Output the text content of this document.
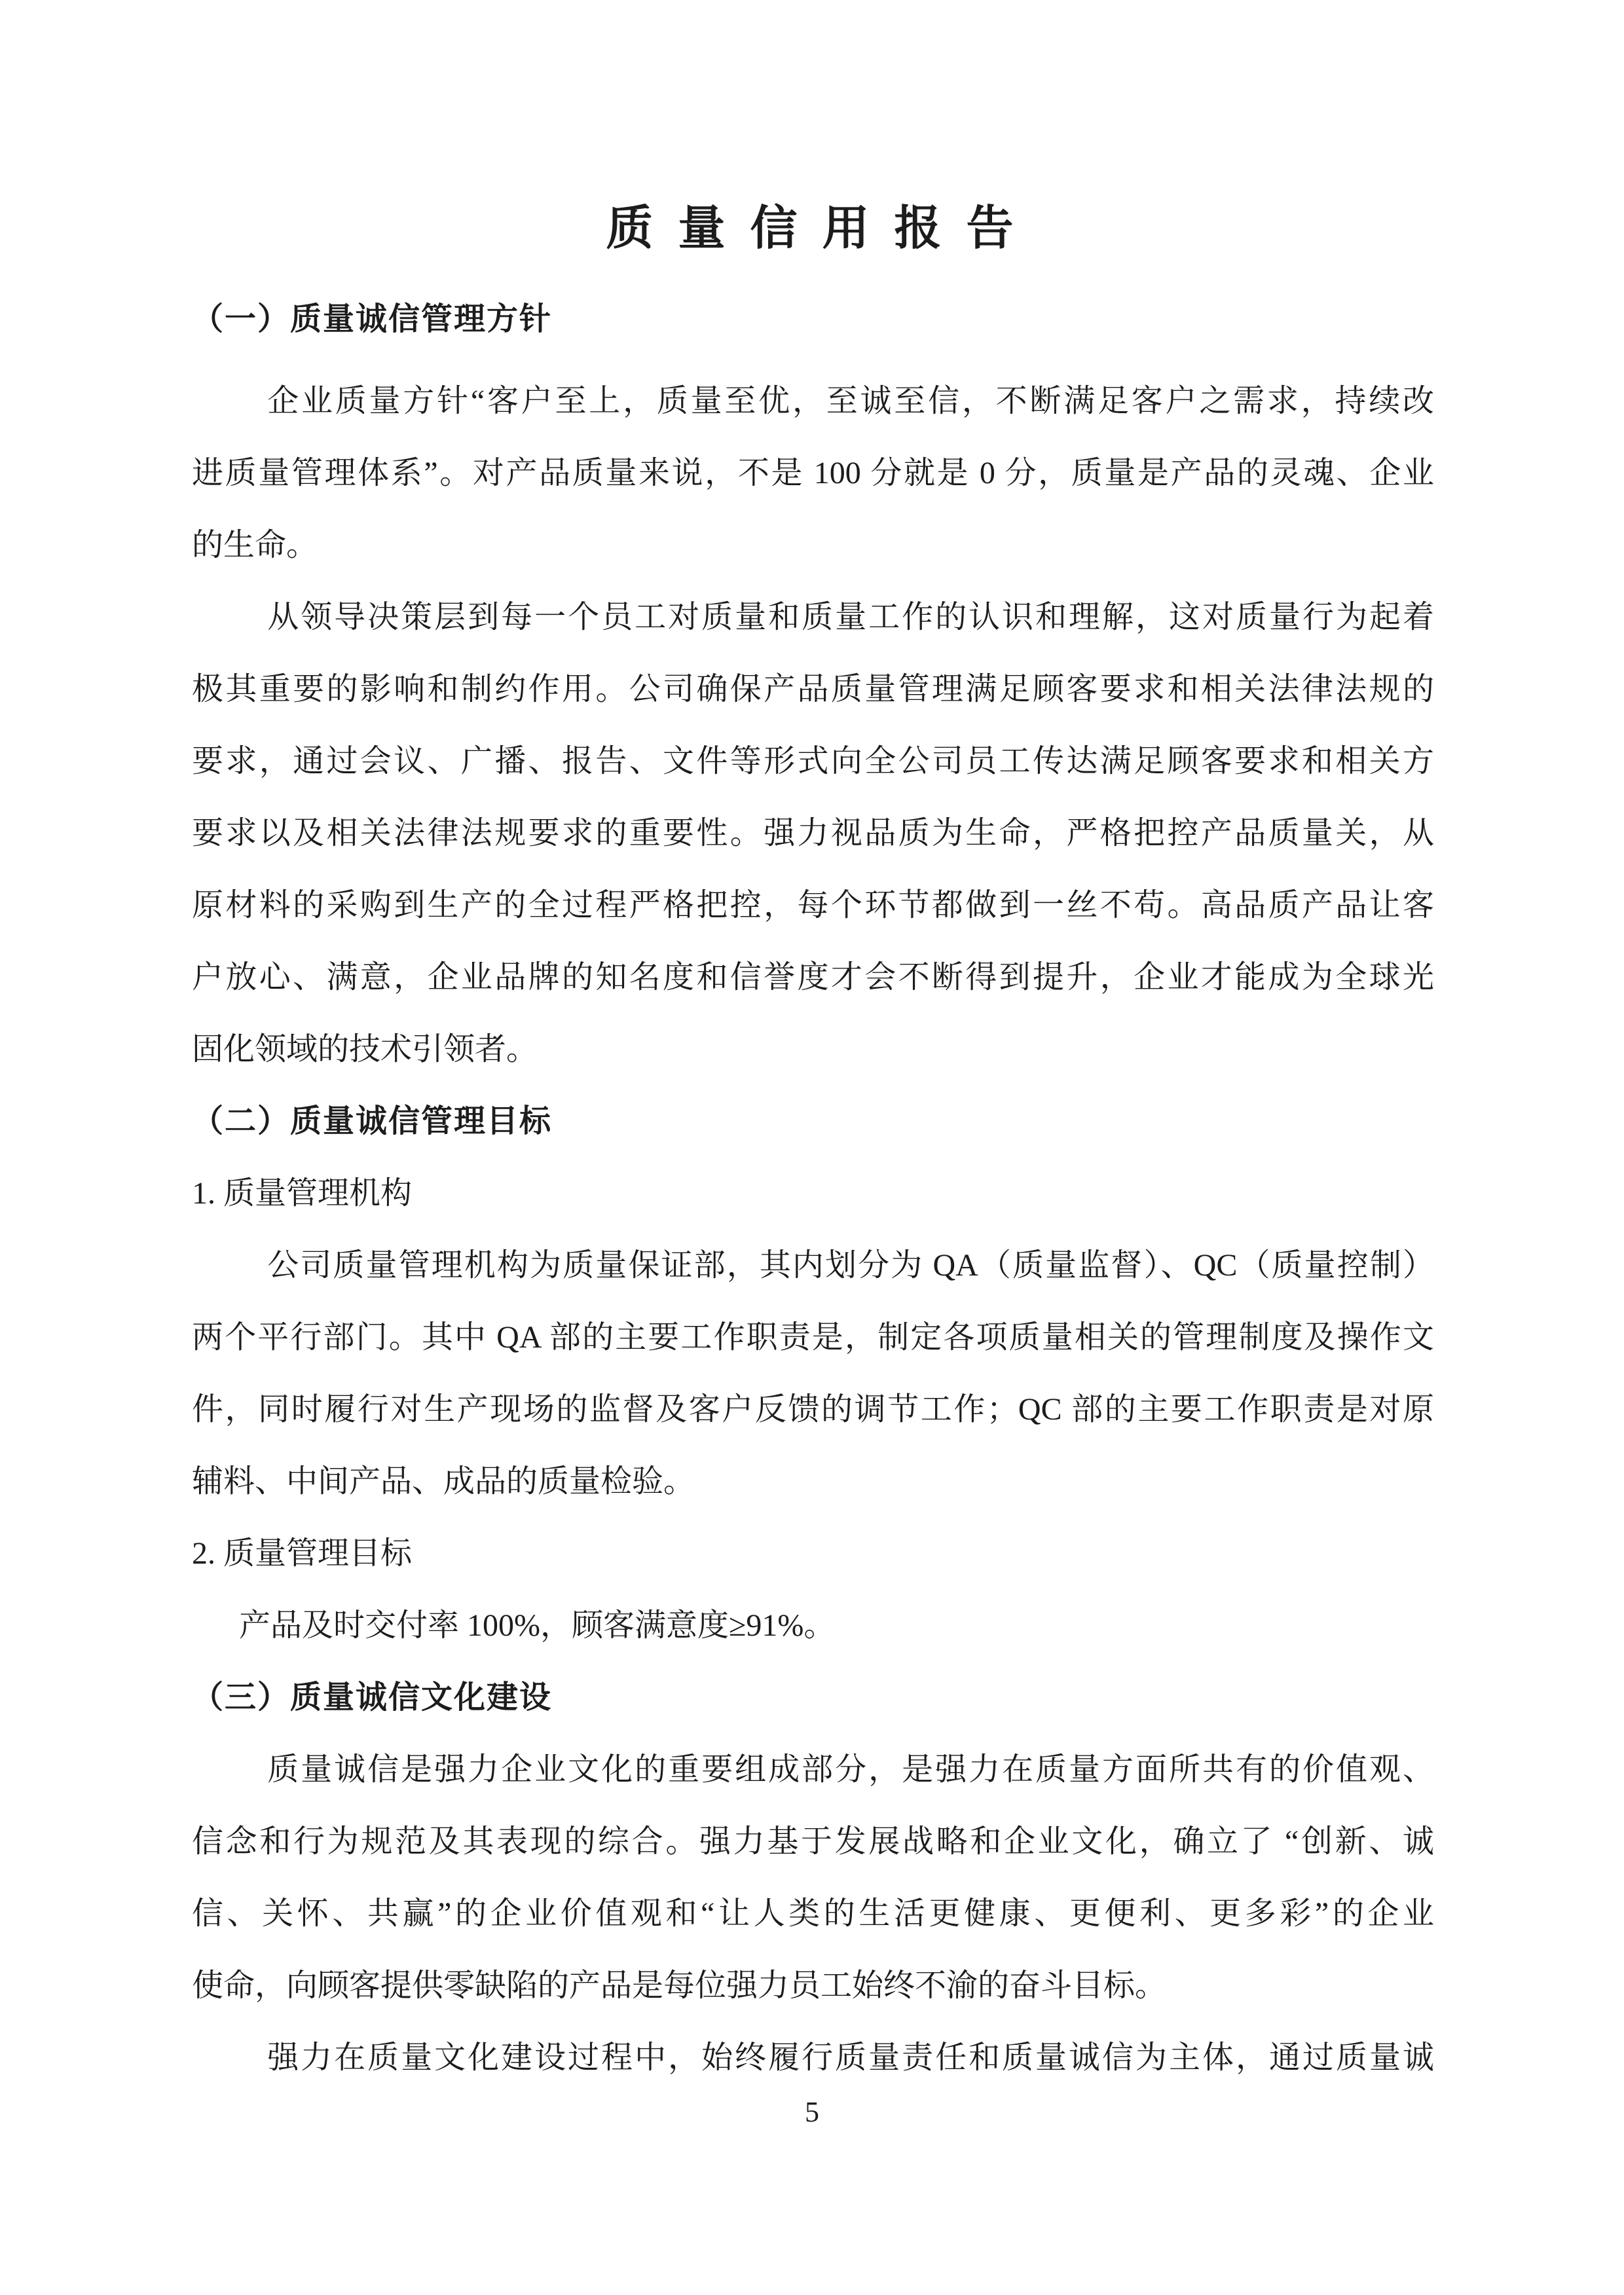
质 量 信 用 报 告
（一）质量诚信管理方针
企业质量方针“客户至上，质量至优，至诚至信，不断满足客户之需求，持续改
进质量管理体系”。对产品质量来说，不是 100 分就是 0 分，质量是产品的灵魂、企业
的生命。
从领导决策层到每一个员工对质量和质量工作的认识和理解，这对质量行为起着
极其重要的影响和制约作用。公司确保产品质量管理满足顾客要求和相关法律法规的
要求，通过会议、广播、报告、文件等形式向全公司员工传达满足顾客要求和相关方
要求以及相关法律法规要求的重要性。强力视品质为生命，严格把控产品质量关，从
原材料的采购到生产的全过程严格把控，每个环节都做到一丝不苟。高品质产品让客
户放心、满意，企业品牌的知名度和信誉度才会不断得到提升，企业才能成为全球光
固化领域的技术引领者。
（二）质量诚信管理目标
1. 质量管理机构
公司质量管理机构为质量保证部，其内划分为 QA（质量监督）、QC（质量控制）
两个平行部门。其中 QA 部的主要工作职责是，制定各项质量相关的管理制度及操作文
件，同时履行对生产现场的监督及客户反馈的调节工作；QC 部的主要工作职责是对原
辅料、中间产品、成品的质量检验。
2. 质量管理目标
产品及时交付率 100%，顾客满意度≥91%。
（三）质量诚信文化建设
质量诚信是强力企业文化的重要组成部分，是强力在质量方面所共有的价值观、
信念和行为规范及其表现的综合。强力基于发展战略和企业文化，确立了 “创新、诚
信、关怀、共赢”的企业价值观和“让人类的生活更健康、更便利、更多彩”的企业
使命，向顾客提供零缺陷的产品是每位强力员工始终不渝的奋斗目标。
强力在质量文化建设过程中，始终履行质量责任和质量诚信为主体，通过质量诚
5
